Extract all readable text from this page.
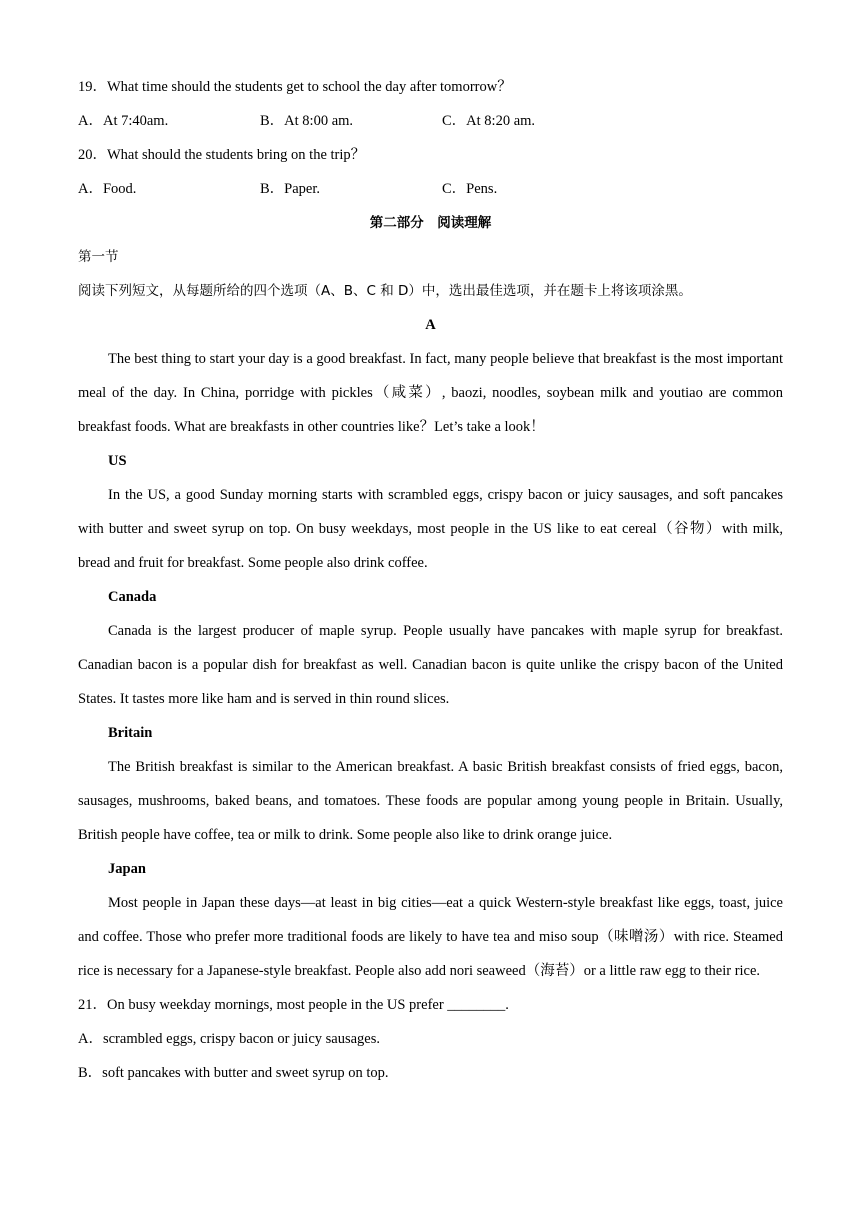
19．What time should the students get to school the day after tomorrow？
A．At 7:40am.	B．At 8:00 am.	C．At 8:20 am.
20．What should the students bring on the trip？
A．Food.	B．Paper.	C．Pens.
第二部分　阅读理解
第一节
阅读下列短文，从每题所给的四个选项（A、B、C 和 D）中，选出最佳选项，并在题卡上将该项涂黑。
A

The best thing to start your day is a good breakfast. In fact, many people believe that breakfast is the most important meal of the day. In China, porridge with pickles（咸菜）, baozi, noodles, soybean milk and youtiao are common breakfast foods. What are breakfasts in other countries like？Let’s take a look！

US

In the US, a good Sunday morning starts with scrambled eggs, crispy bacon or juicy sausages, and soft pancakes with butter and sweet syrup on top. On busy weekdays, most people in the US like to eat cereal（谷物）with milk, bread and fruit for breakfast. Some people also drink coffee.

Canada

Canada is the largest producer of maple syrup. People usually have pancakes with maple syrup for breakfast. Canadian bacon is a popular dish for breakfast as well. Canadian bacon is quite unlike the crispy bacon of the United States. It tastes more like ham and is served in thin round slices.

Britain

The British breakfast is similar to the American breakfast. A basic British breakfast consists of fried eggs, bacon, sausages, mushrooms, baked beans, and tomatoes. These foods are popular among young people in Britain. Usually, British people have coffee, tea or milk to drink. Some people also like to drink orange juice.

Japan

Most people in Japan these days—at least in big cities—eat a quick Western-style breakfast like eggs, toast, juice and coffee. Those who prefer more traditional foods are likely to have tea and miso soup（味噌汤）with rice. Steamed rice is necessary for a Japanese-style breakfast. People also add nori seaweed（海苔）or a little raw egg to their rice.

21．On busy weekday mornings, most people in the US prefer ________.
A．scrambled eggs, crispy bacon or juicy sausages.
B．soft pancakes with butter and sweet syrup on top.
